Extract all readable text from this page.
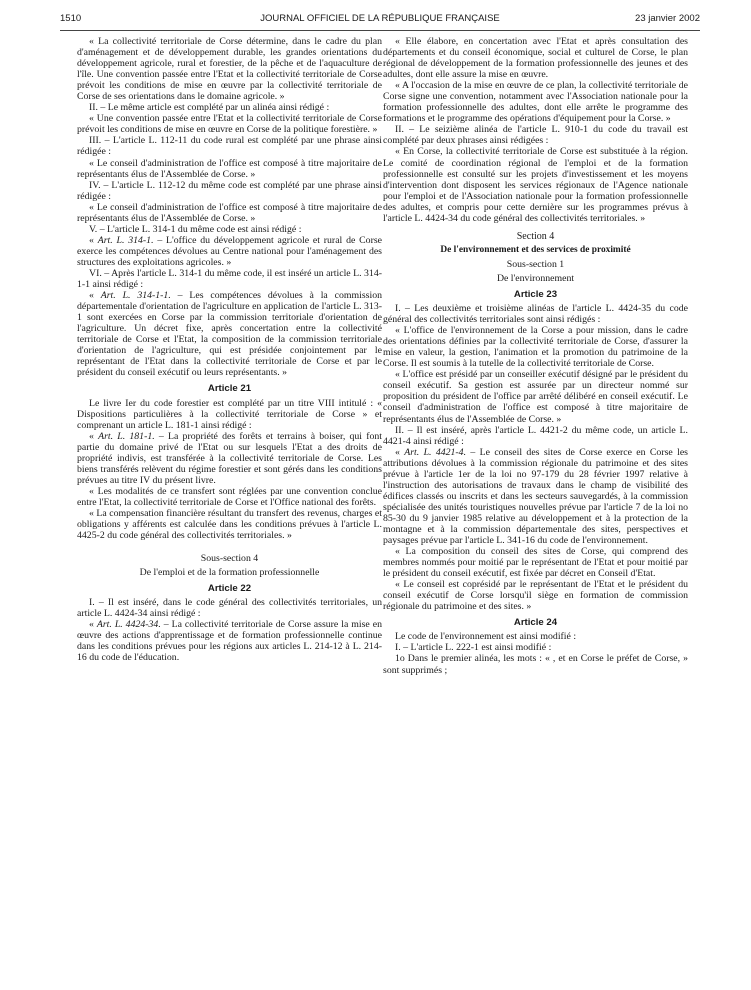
1510	JOURNAL OFFICIEL DE LA RÉPUBLIQUE FRANÇAISE	23 janvier 2002

« La collectivité territoriale de Corse détermine, dans le cadre du plan d'aménagement et de développement durable, les grandes orientations du développement agricole, rural et forestier, de la pêche et de l'aquaculture de l'île. Une convention passée entre l'Etat et la collectivité territoriale de Corse prévoit les conditions de mise en œuvre par la collectivité territoriale de Corse de ses orientations dans le domaine agricole. »

II. – Le même article est complété par un alinéa ainsi rédigé :

« Une convention passée entre l'Etat et la collectivité territoriale de Corse prévoit les conditions de mise en œuvre en Corse de la politique forestière. »

III. – L'article L. 112-11 du code rural est complété par une phrase ainsi rédigée :

« Le conseil d'administration de l'office est composé à titre majoritaire de représentants élus de l'Assemblée de Corse. »

IV. – L'article L. 112-12 du même code est complété par une phrase ainsi rédigée :

« Le conseil d'administration de l'office est composé à titre majoritaire de représentants élus de l'Assemblée de Corse. »

V. – L'article L. 314-1 du même code est ainsi rédigé :

« Art. L. 314-1. – L'office du développement agricole et rural de Corse exerce les compétences dévolues au Centre national pour l'aménagement des structures des exploitations agricoles. »

VI. – Après l'article L. 314-1 du même code, il est inséré un article L. 314-1-1 ainsi rédigé :

« Art. L. 314-1-1. – Les compétences dévolues à la commission départementale d'orientation de l'agriculture en application de l'article L. 313-1 sont exercées en Corse par la commission territoriale d'orientation de l'agriculture. Un décret fixe, après concertation entre la collectivité territoriale de Corse et l'Etat, la composition de la commission territoriale d'orientation de l'agriculture, qui est présidée conjointement par le représentant de l'Etat dans la collectivité territoriale de Corse et par le président du conseil exécutif ou leurs représentants. »

Article 21

Le livre Ier du code forestier est complété par un titre VIII intitulé : « Dispositions particulières à la collectivité territoriale de Corse » et comprenant un article L. 181-1 ainsi rédigé :

« Art. L. 181-1. – La propriété des forêts et terrains à boiser, qui font partie du domaine privé de l'Etat ou sur lesquels l'Etat a des droits de propriété indivis, est transférée à la collectivité territoriale de Corse. Les biens transférés relèvent du régime forestier et sont gérés dans les conditions prévues au titre IV du présent livre.

« Les modalités de ce transfert sont réglées par une convention conclue entre l'Etat, la collectivité territoriale de Corse et l'Office national des forêts.

« La compensation financière résultant du transfert des revenus, charges et obligations y afférents est calculée dans les conditions prévues à l'article L. 4425-2 du code général des collectivités territoriales. »

Sous-section 4
De l'emploi et de la formation professionnelle
Article 22

I. – Il est inséré, dans le code général des collectivités territoriales, un article L. 4424-34 ainsi rédigé :

« Art. L. 4424-34. – La collectivité territoriale de Corse assure la mise en œuvre des actions d'apprentissage et de formation professionnelle continue dans les conditions prévues pour les régions aux articles L. 214-12 à L. 214-16 du code de l'éducation.

« Elle élabore, en concertation avec l'Etat et après consultation des départements et du conseil économique, social et culturel de Corse, le plan régional de développement de la formation professionnelle des jeunes et des adultes, dont elle assure la mise en œuvre.

« A l'occasion de la mise en œuvre de ce plan, la collectivité territoriale de Corse signe une convention, notamment avec l'Association nationale pour la formation professionnelle des adultes, dont elle arrête le programme des formations et le programme des opérations d'équipement pour la Corse. »

II. – Le seizième alinéa de l'article L. 910-1 du code du travail est complété par deux phrases ainsi rédigées :

« En Corse, la collectivité territoriale de Corse est substituée à la région. Le comité de coordination régional de l'emploi et de la formation professionnelle est consulté sur les projets d'investissement et les moyens d'intervention dont disposent les services régionaux de l'Agence nationale pour l'emploi et de l'Association nationale pour la formation professionnelle des adultes, et compris pour cette dernière sur les programmes prévus à l'article L. 4424-34 du code général des collectivités territoriales. »

Section 4
De l'environnement et des services de proximité
Sous-section 1
De l'environnement
Article 23

I. – Les deuxième et troisième alinéas de l'article L. 4424-35 du code général des collectivités territoriales sont ainsi rédigés :

« L'office de l'environnement de la Corse a pour mission, dans le cadre des orientations définies par la collectivité territoriale de Corse, d'assurer la mise en valeur, la gestion, l'animation et la promotion du patrimoine de la Corse. Il est soumis à la tutelle de la collectivité territoriale de Corse.

« L'office est présidé par un conseiller exécutif désigné par le président du conseil exécutif. Sa gestion est assurée par un directeur nommé sur proposition du président de l'office par arrêté délibéré en conseil exécutif. Le conseil d'administration de l'office est composé à titre majoritaire de représentants élus de l'Assemblée de Corse. »

II. – Il est inséré, après l'article L. 4421-2 du même code, un article L. 4421-4 ainsi rédigé :

« Art. L. 4421-4. – Le conseil des sites de Corse exerce en Corse les attributions dévolues à la commission régionale du patrimoine et des sites prévue à l'article 1er de la loi no 97-179 du 28 février 1997 relative à l'instruction des autorisations de travaux dans le champ de visibilité des édifices classés ou inscrits et dans les secteurs sauvegardés, à la commission spécialisée des unités touristiques nouvelles prévue par l'article 7 de la loi no 85-30 du 9 janvier 1985 relative au développement et à la protection de la montagne et à la commission départementale des sites, perspectives et paysages prévue par l'article L. 341-16 du code de l'environnement.

« La composition du conseil des sites de Corse, qui comprend des membres nommés pour moitié par le représentant de l'Etat et pour moitié par le président du conseil exécutif, est fixée par décret en Conseil d'Etat.

« Le conseil est coprésidé par le représentant de l'Etat et le président du conseil exécutif de Corse lorsqu'il siège en formation de commission régionale du patrimoine et des sites. »

Article 24

Le code de l'environnement est ainsi modifié :

I. – L'article L. 222-1 est ainsi modifié :

1o Dans le premier alinéa, les mots : « , et en Corse le préfet de Corse, » sont supprimés ;
